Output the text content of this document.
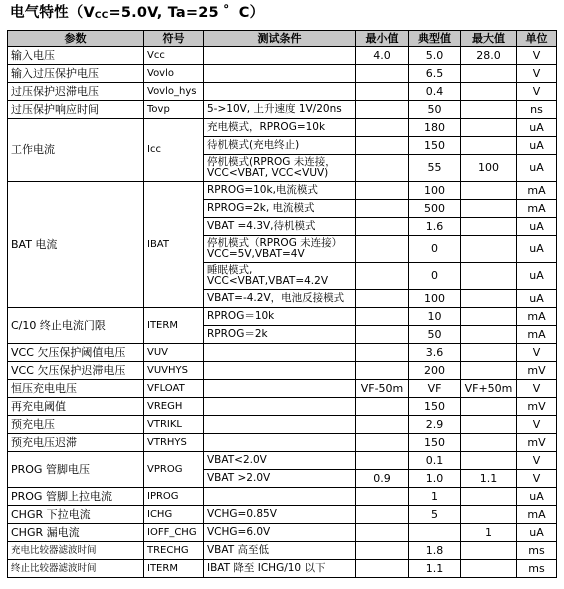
电气特性（$V_{CC}=5.0V$, Ta=25 ゜C）
参数	符号	测试条件	最小值	典型值	最大值	单位
输入电压	Vcc		4.0	5.0	28.0	V
输入过压保护电压	Vovlo			6.5		V
过压保护迟滞电压	Vovlo_hys			0.4		V
过压保护响应时间	Tovp	5->10V, 上升速度 1V/20ns		50		ns
工作电流	Icc	充电模式，RPROG=10k		180		uA
		待机模式(充电终止)		150		uA

		停机模式(RPROG 未连接，
VCC<VBAT, VCC<VUV)		55	100	uA
BAT 电流	IBAT	RPROG=10k,电流模式		100		mA
		RPROG=2k, 电流模式		500		mA
		VBAT =4.3V,待机模式		1.6		uA

		停机模式（RPROG 未连接）
VCC=5V,VBAT=4V		0		uA

		睡眠模式,
VCC<VBAT,VBAT=4.2V		0		uA
		VBAT=-4.2V，电池反接模式		100		uA
C/10 终止电流门限	ITERM	RPROG＝10k		10		mA
		RPROG＝2k		50		mA
VCC 欠压保护阈值电压	VUV			3.6		V
VCC 欠压保护迟滞电压	VUVHYS			200		mV
恒压充电电压	VFLOAT		VF-50m	VF	VF+50m	V
再充电阈值	VREGH			150		mV
预充电压	VTRIKL			2.9		V
预充电压迟滞	VTRHYS			150		mV
PROG 管脚电压	VPROG	VBAT<2.0V		0.1		V
		VBAT >2.0V	0.9	1.0	1.1	V
PROG 管脚上拉电流	IPROG			1		uA
CHGR 下拉电流	ICHG	VCHG=0.85V		5		mA
CHGR 漏电流	IOFF_CHG	VCHG=6.0V			1	uA
充电比较器滤波时间	TRECHG	VBAT 高至低		1.8		ms
终止比较器滤波时间	ITERM	IBAT 降至 ICHG/10 以下		1.1		ms
